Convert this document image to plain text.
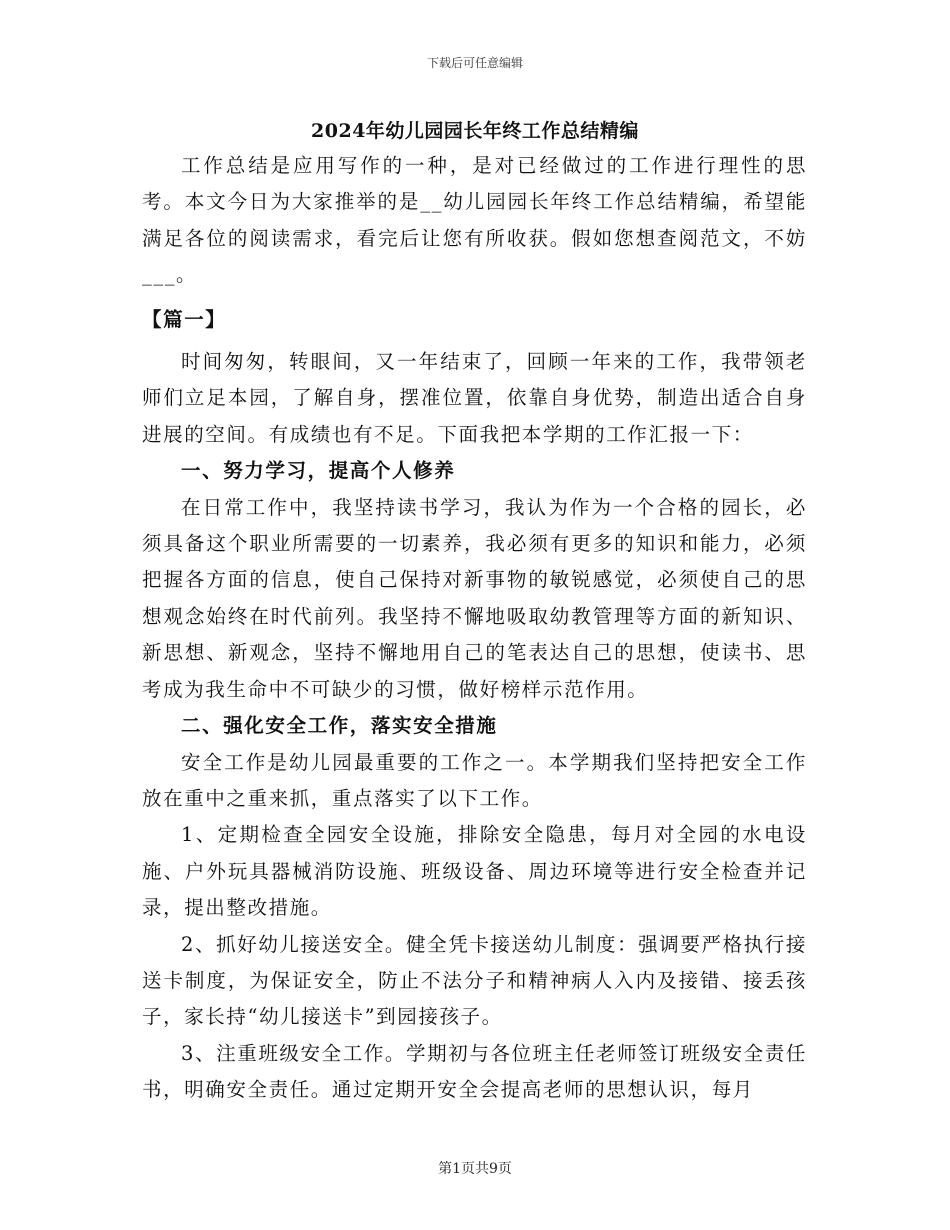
下载后可任意编辑
2024年幼儿园园长年终工作总结精编

工作总结是应用写作的一种，是对已经做过的工作进行理性的思考。本文今日为大家推举的是__幼儿园园长年终工作总结精编，希望能满足各位的阅读需求，看完后让您有所收获。假如您想查阅范文，不妨___。

【篇一】

时间匆匆，转眼间，又一年结束了，回顾一年来的工作，我带领老师们立足本园，了解自身，摆准位置，依靠自身优势，制造出适合自身进展的空间。有成绩也有不足。下面我把本学期的工作汇报一下：

一、努力学习，提高个人修养

在日常工作中，我坚持读书学习，我认为作为一个合格的园长，必须具备这个职业所需要的一切素养，我必须有更多的知识和能力，必须把握各方面的信息，使自己保持对新事物的敏锐感觉，必须使自己的思想观念始终在时代前列。我坚持不懈地吸取幼教管理等方面的新知识、新思想、新观念，坚持不懈地用自己的笔表达自己的思想，使读书、思考成为我生命中不可缺少的习惯，做好榜样示范作用。

二、强化安全工作，落实安全措施

安全工作是幼儿园最重要的工作之一。本学期我们坚持把安全工作放在重中之重来抓，重点落实了以下工作。

1、定期检查全园安全设施，排除安全隐患，每月对全园的水电设施、户外玩具器械消防设施、班级设备、周边环境等进行安全检查并记录，提出整改措施。

2、抓好幼儿接送安全。健全凭卡接送幼儿制度：强调要严格执行接送卡制度，为保证安全，防止不法分子和精神病人入内及接错、接丢孩子，家长持“幼儿接送卡”到园接孩子。

3、注重班级安全工作。学期初与各位班主任老师签订班级安全责任书，明确安全责任。通过定期开安全会提高老师的思想认识，每月

第1页共9页
